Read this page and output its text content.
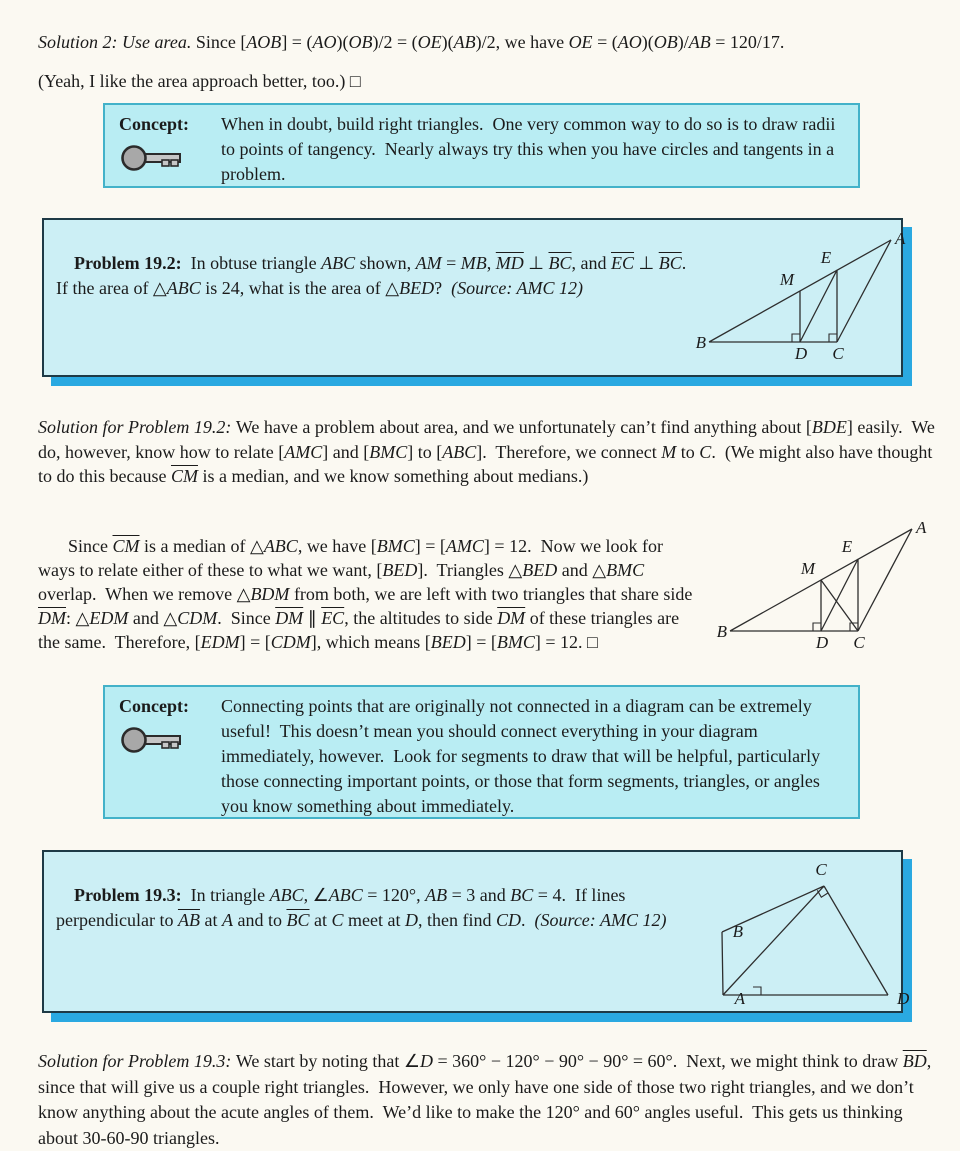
Solution 2: Use area. Since [AOB] = (AO)(OB)/2 = (OE)(AB)/2, we have OE = (AO)(OB)/AB = 120/17.

(Yeah, I like the area approach better, too.) □

Concept:	When in doubt, build right triangles.  One very common way to do so is to draw radii to points of tangency.  Nearly always try this when you have circles and tangents in a problem.

Problem 19.2:  In obtuse triangle ABC shown, AM = MB, $\overline{MD}$ ⊥ $\overline{BC}$, and $\overline{EC}$ ⊥ $\overline{BC}$.  If the area of △ABC is 24, what is the area of △BED?  (Source: AMC 12)

A
B
C
D
E
M

Solution for Problem 19.2: We have a problem about area, and we unfortunately can’t find anything about [BDE] easily.  We do, however, know how to relate [AMC] and [BMC] to [ABC].  Therefore, we connect M to C.  (We might also have thought to do this because $\overline{CM}$ is a median, and we know something about medians.)

Since $\overline{CM}$ is a median of △ABC, we have [BMC] = [AMC] = 12.  Now we look for ways to relate either of these to what we want, [BED].  Triangles △BED and △BMC overlap.  When we remove △BDM from both, we are left with two triangles that share side $\overline{DM}$: △EDM and △CDM.  Since $\overline{DM}$ ∥ $\overline{EC}$, the altitudes to side $\overline{DM}$ of these triangles are the same.  Therefore, [EDM] = [CDM], which means [BED] = [BMC] = 12. □

A
B
C
D
E
M
Concept:	Connecting points that are originally not connected in a diagram can be extremely useful!  This doesn’t mean you should connect everything in your diagram immediately, however.  Look for segments to draw that will be helpful, particularly those connecting important points, or those that form segments, triangles, or angles you know something about immediately.

Problem 19.3:  In triangle ABC, ∠ABC = 120°, AB = 3 and BC = 4.  If lines perpendicular to $\overline{AB}$ at A and to $\overline{BC}$ at C meet at D, then find CD.  (Source: AMC 12)

A
B
C
D

Solution for Problem 19.3: We start by noting that ∠D = 360° − 120° − 90° − 90° = 60°.  Next, we might think to draw $\overline{BD}$, since that will give us a couple right triangles.  However, we only have one side of those two right triangles, and we don’t know anything about the acute angles of them.  We’d like to make the 120° and 60° angles useful.  This gets us thinking about 30-60-90 triangles.
